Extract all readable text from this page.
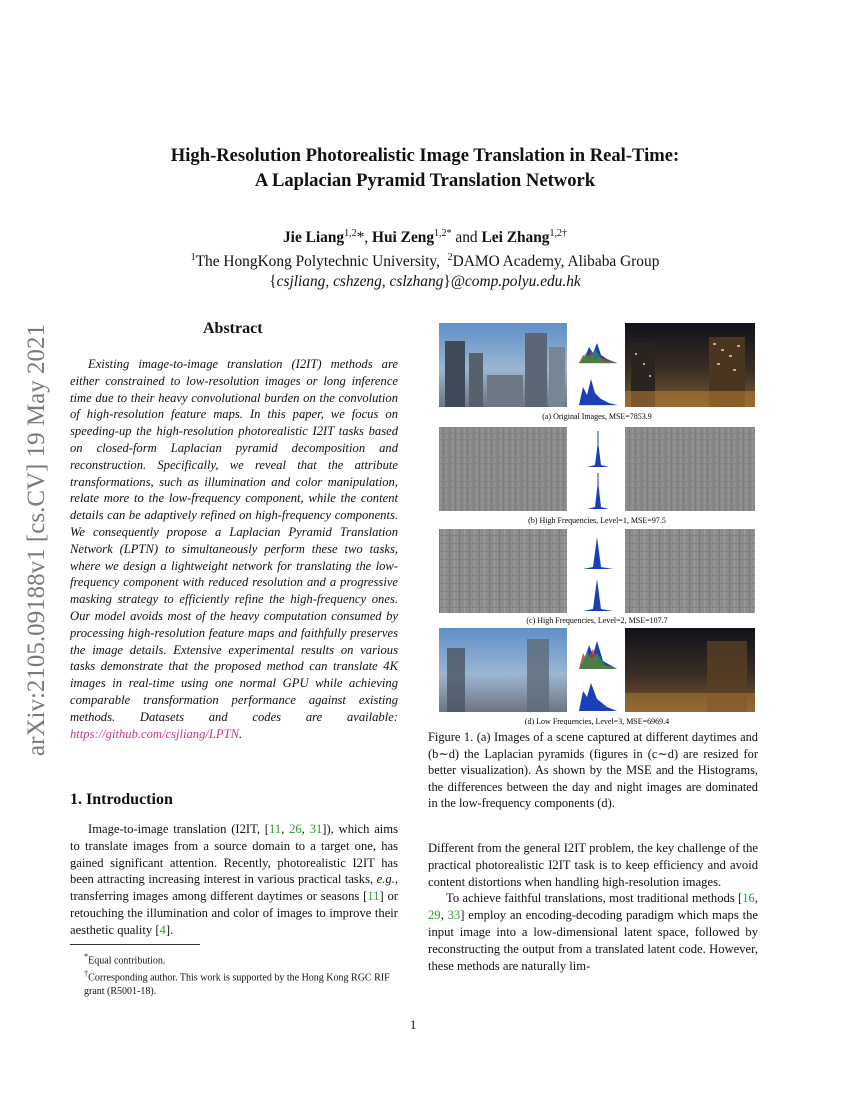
arXiv:2105.09188v1 [cs.CV] 19 May 2021
High-Resolution Photorealistic Image Translation in Real-Time:
A Laplacian Pyramid Translation Network
Jie Liang$^{1,2}$*, Hui Zeng$^{1,2*}$ and Lei Zhang$^{1,2\dagger}$
$^1$The HongKong Polytechnic University, $^2$DAMO Academy, Alibaba Group
{csjliang, cshzeng, cslzhang}@comp.polyu.edu.hk
Abstract

Existing image-to-image translation (I2IT) methods are either constrained to low-resolution images or long inference time due to their heavy convolutional burden on the convolution of high-resolution feature maps. In this paper, we focus on speeding-up the high-resolution photorealistic I2IT tasks based on closed-form Laplacian pyramid decomposition and reconstruction. Specifically, we reveal that the attribute transformations, such as illumination and color manipulation, relate more to the low-frequency component, while the content details can be adaptively refined on high-frequency components. We consequently propose a Laplacian Pyramid Translation Network (LPTN) to simultaneously perform these two tasks, where we design a lightweight network for translating the low-frequency component with reduced resolution and a progressive masking strategy to efficiently refine the high-frequency ones. Our model avoids most of the heavy computation consumed by processing high-resolution feature maps and faithfully preserves the image details. Extensive experimental results on various tasks demonstrate that the proposed method can translate 4K images in real-time using one normal GPU while achieving comparable transformation performance against existing methods. Datasets and codes are available: https://github.com/csjliang/LPTN.

1. Introduction

Image-to-image translation (I2IT, [11, 26, 31]), which aims to translate images from a source domain to a target one, has gained significant attention. Recently, photorealistic I2IT has been attracting increasing interest in various practical tasks, e.g., transferring images among different daytimes or seasons [11] or retouching the illumination and color of images to improve their aesthetic quality [4].

*Equal contribution.
†Corresponding author. This work is supported by the Hong Kong RGC RIF grant (R5001-18).
(a) Original Images, MSE=7853.9
(b) High Frequencies, Level=1, MSE=97.5
(c) High Frequencies, Level=2, MSE=107.7
(d) Low Frequencies, Level=3, MSE=6969.4
Figure 1. (a) Images of a scene captured at different daytimes and (b∼d) the Laplacian pyramids (figures in (c∼d) are resized for better visualization). As shown by the MSE and the Histograms, the differences between the day and night images are dominated in the low-frequency components (d).

Different from the general I2IT problem, the key challenge of the practical photorealistic I2IT task is to keep efficiency and avoid content distortions when handling high-resolution images.

To achieve faithful translations, most traditional methods [16, 29, 33] employ an encoding-decoding paradigm which maps the input image into a low-dimensional latent space, followed by reconstructing the output from a translated latent code. However, these methods are naturally lim-

1
